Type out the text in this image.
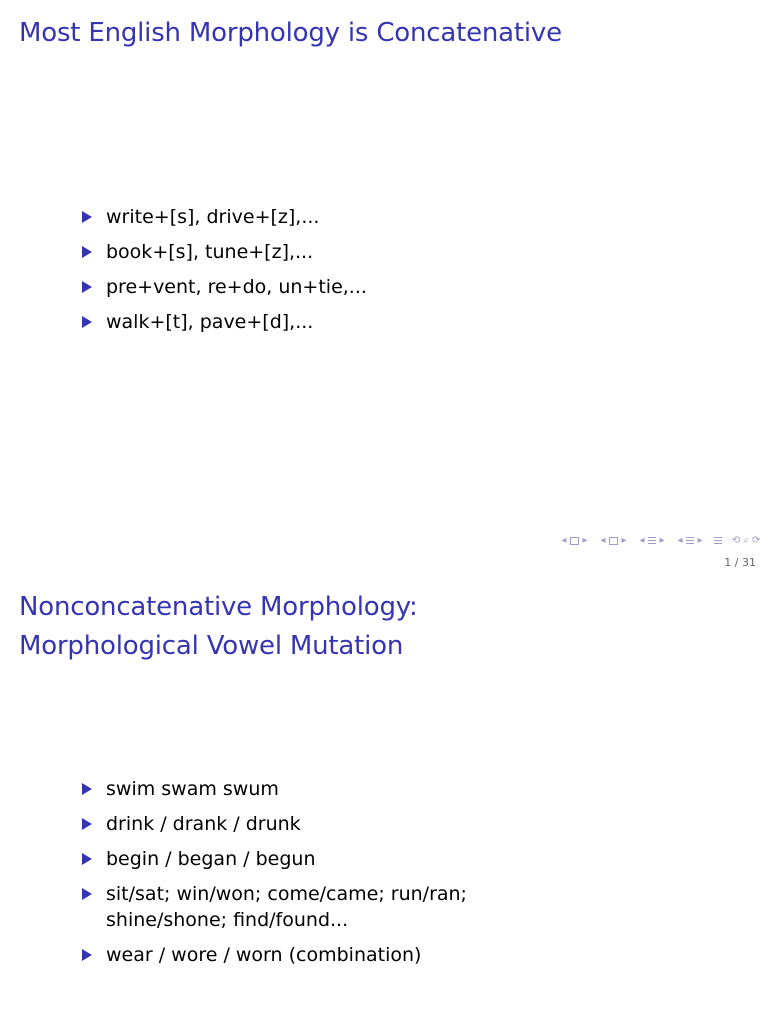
Most English Morphology is Concatenative
write+[s], drive+[z],...
book+[s], tune+[z],...
pre+vent, re+do, un+tie,...
walk+[t], pave+[d],...
◂ ▸ ◂ ▸ ◂ ▸ ◂ ▸	⟲ ⌕ ⟳
1 / 31
Nonconcatenative Morphology:
Morphological Vowel Mutation
swim swam swum
drink / drank / drunk
begin / began / begun
sit/sat; win/won; come/came; run/ran; shine/shone; find/found...
wear / wore / worn (combination)
